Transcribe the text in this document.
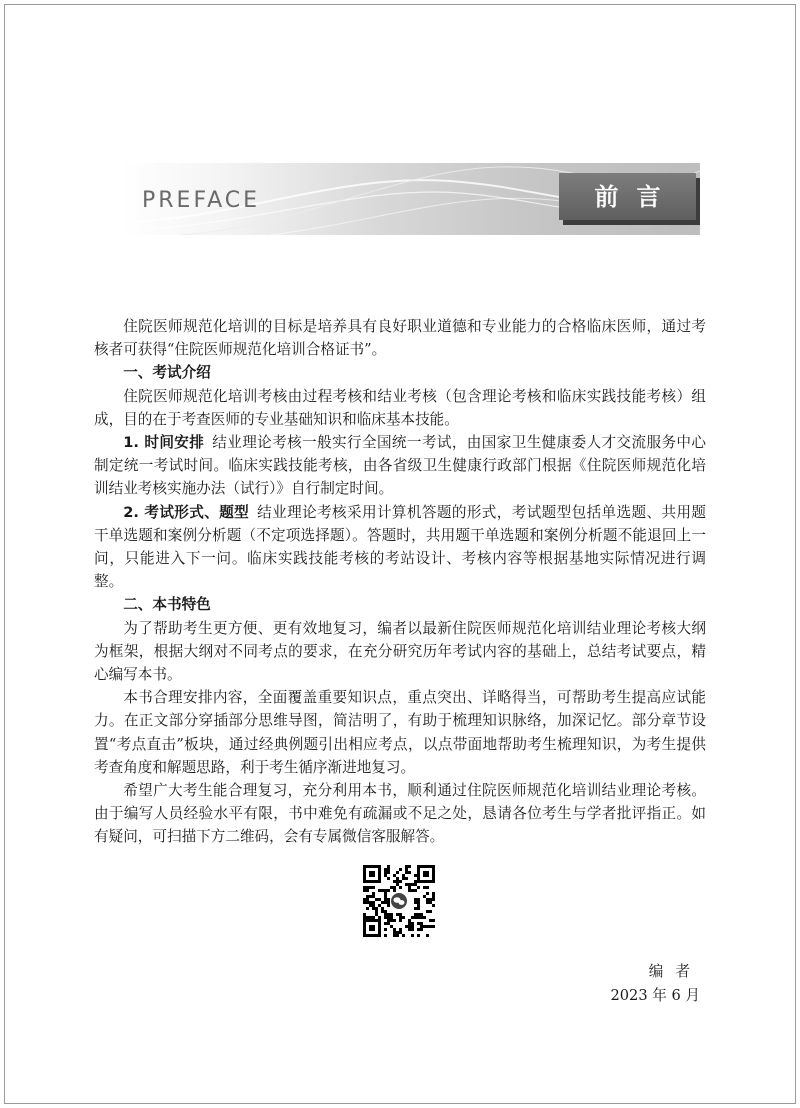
PREFACE	前言

住院医师规范化培训的目标是培养具有良好职业道德和专业能力的合格临床医师，通过考核者可获得“住院医师规范化培训合格证书”。

一、考试介绍

住院医师规范化培训考核由过程考核和结业考核（包含理论考核和临床实践技能考核）组成，目的在于考查医师的专业基础知识和临床基本技能。

1. 时间安排 结业理论考核一般实行全国统一考试，由国家卫生健康委人才交流服务中心制定统一考试时间。临床实践技能考核，由各省级卫生健康行政部门根据《住院医师规范化培训结业考核实施办法（试行）》自行制定时间。

2. 考试形式、题型 结业理论考核采用计算机答题的形式，考试题型包括单选题、共用题干单选题和案例分析题（不定项选择题）。答题时，共用题干单选题和案例分析题不能退回上一问，只能进入下一问。临床实践技能考核的考站设计、考核内容等根据基地实际情况进行调整。

二、本书特色

为了帮助考生更方便、更有效地复习，编者以最新住院医师规范化培训结业理论考核大纲为框架，根据大纲对不同考点的要求，在充分研究历年考试内容的基础上，总结考试要点，精心编写本书。

本书合理安排内容，全面覆盖重要知识点，重点突出、详略得当，可帮助考生提高应试能力。在正文部分穿插部分思维导图，简洁明了，有助于梳理知识脉络，加深记忆。部分章节设置“考点直击”板块，通过经典例题引出相应考点，以点带面地帮助考生梳理知识，为考生提供考查角度和解题思路，利于考生循序渐进地复习。

希望广大考生能合理复习，充分利用本书，顺利通过住院医师规范化培训结业理论考核。由于编写人员经验水平有限，书中难免有疏漏或不足之处，恳请各位考生与学者批评指正。如有疑问，可扫描下方二维码，会有专属微信客服解答。

编者
2023 年 6 月
